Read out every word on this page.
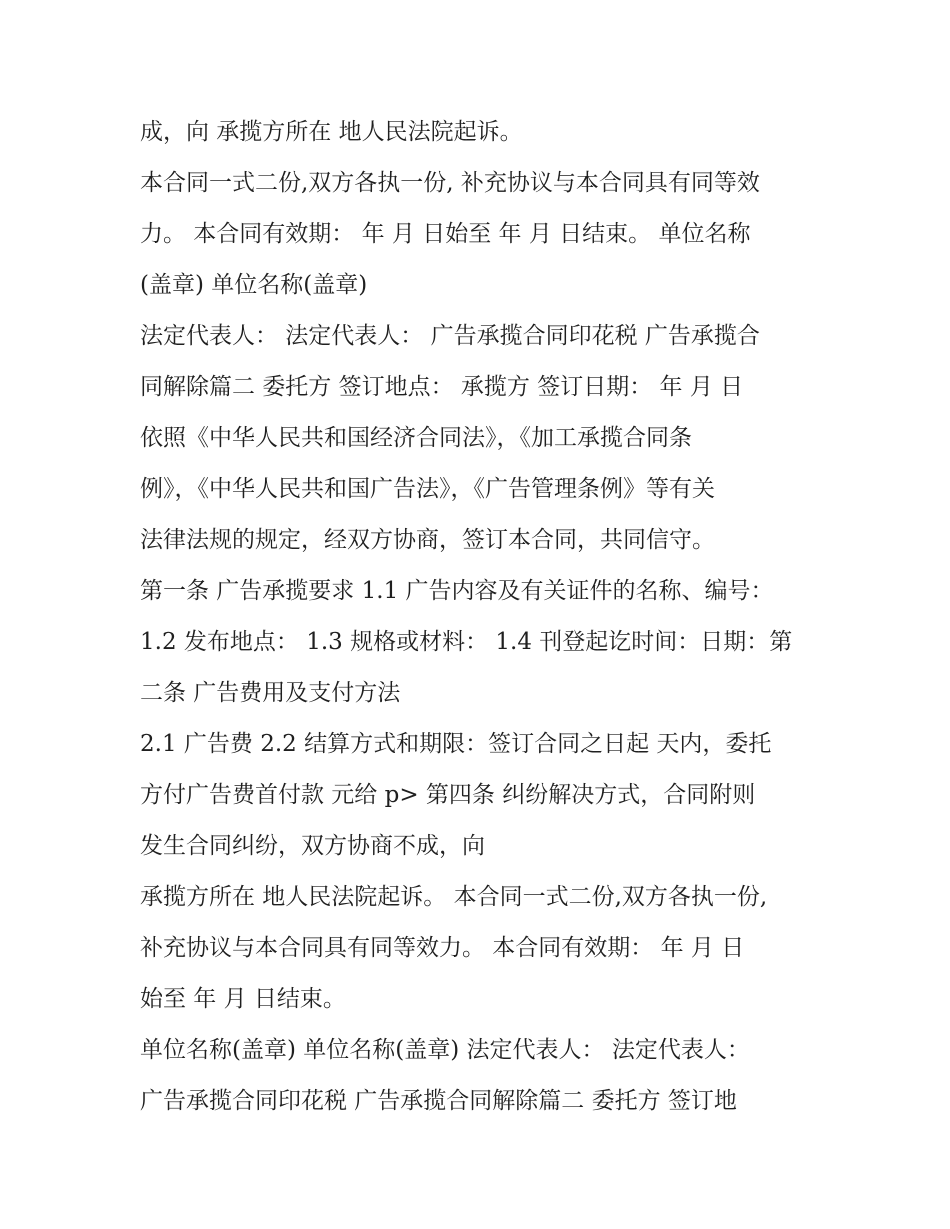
成，向 承揽方所在 地人民法院起诉。
本合同一式二份,双方各执一份, 补充协议与本合同具有同等效
力。 本合同有效期： 年 月 日始至 年 月 日结束。 单位名称
(盖章) 单位名称(盖章)
法定代表人： 法定代表人： 广告承揽合同印花税 广告承揽合
同解除篇二 委托方 签订地点： 承揽方 签订日期： 年 月 日
依照《中华人民共和国经济合同法》，《加工承揽合同条
例》，《中华人民共和国广告法》，《广告管理条例》等有关
法律法规的规定，经双方协商，签订本合同，共同信守。
第一条 广告承揽要求 1.1 广告内容及有关证件的名称、编号：
1.2 发布地点： 1.3 规格或材料： 1.4 刊登起讫时间：日期：第
二条 广告费用及支付方法
2.1 广告费 2.2 结算方式和期限：签订合同之日起 天内，委托
方付广告费首付款 元给 p> 第四条 纠纷解决方式，合同附则
发生合同纠纷，双方协商不成，向
承揽方所在 地人民法院起诉。 本合同一式二份,双方各执一份,
补充协议与本合同具有同等效力。 本合同有效期： 年 月 日
始至 年 月 日结束。
单位名称(盖章) 单位名称(盖章) 法定代表人： 法定代表人：
广告承揽合同印花税 广告承揽合同解除篇二 委托方 签订地
